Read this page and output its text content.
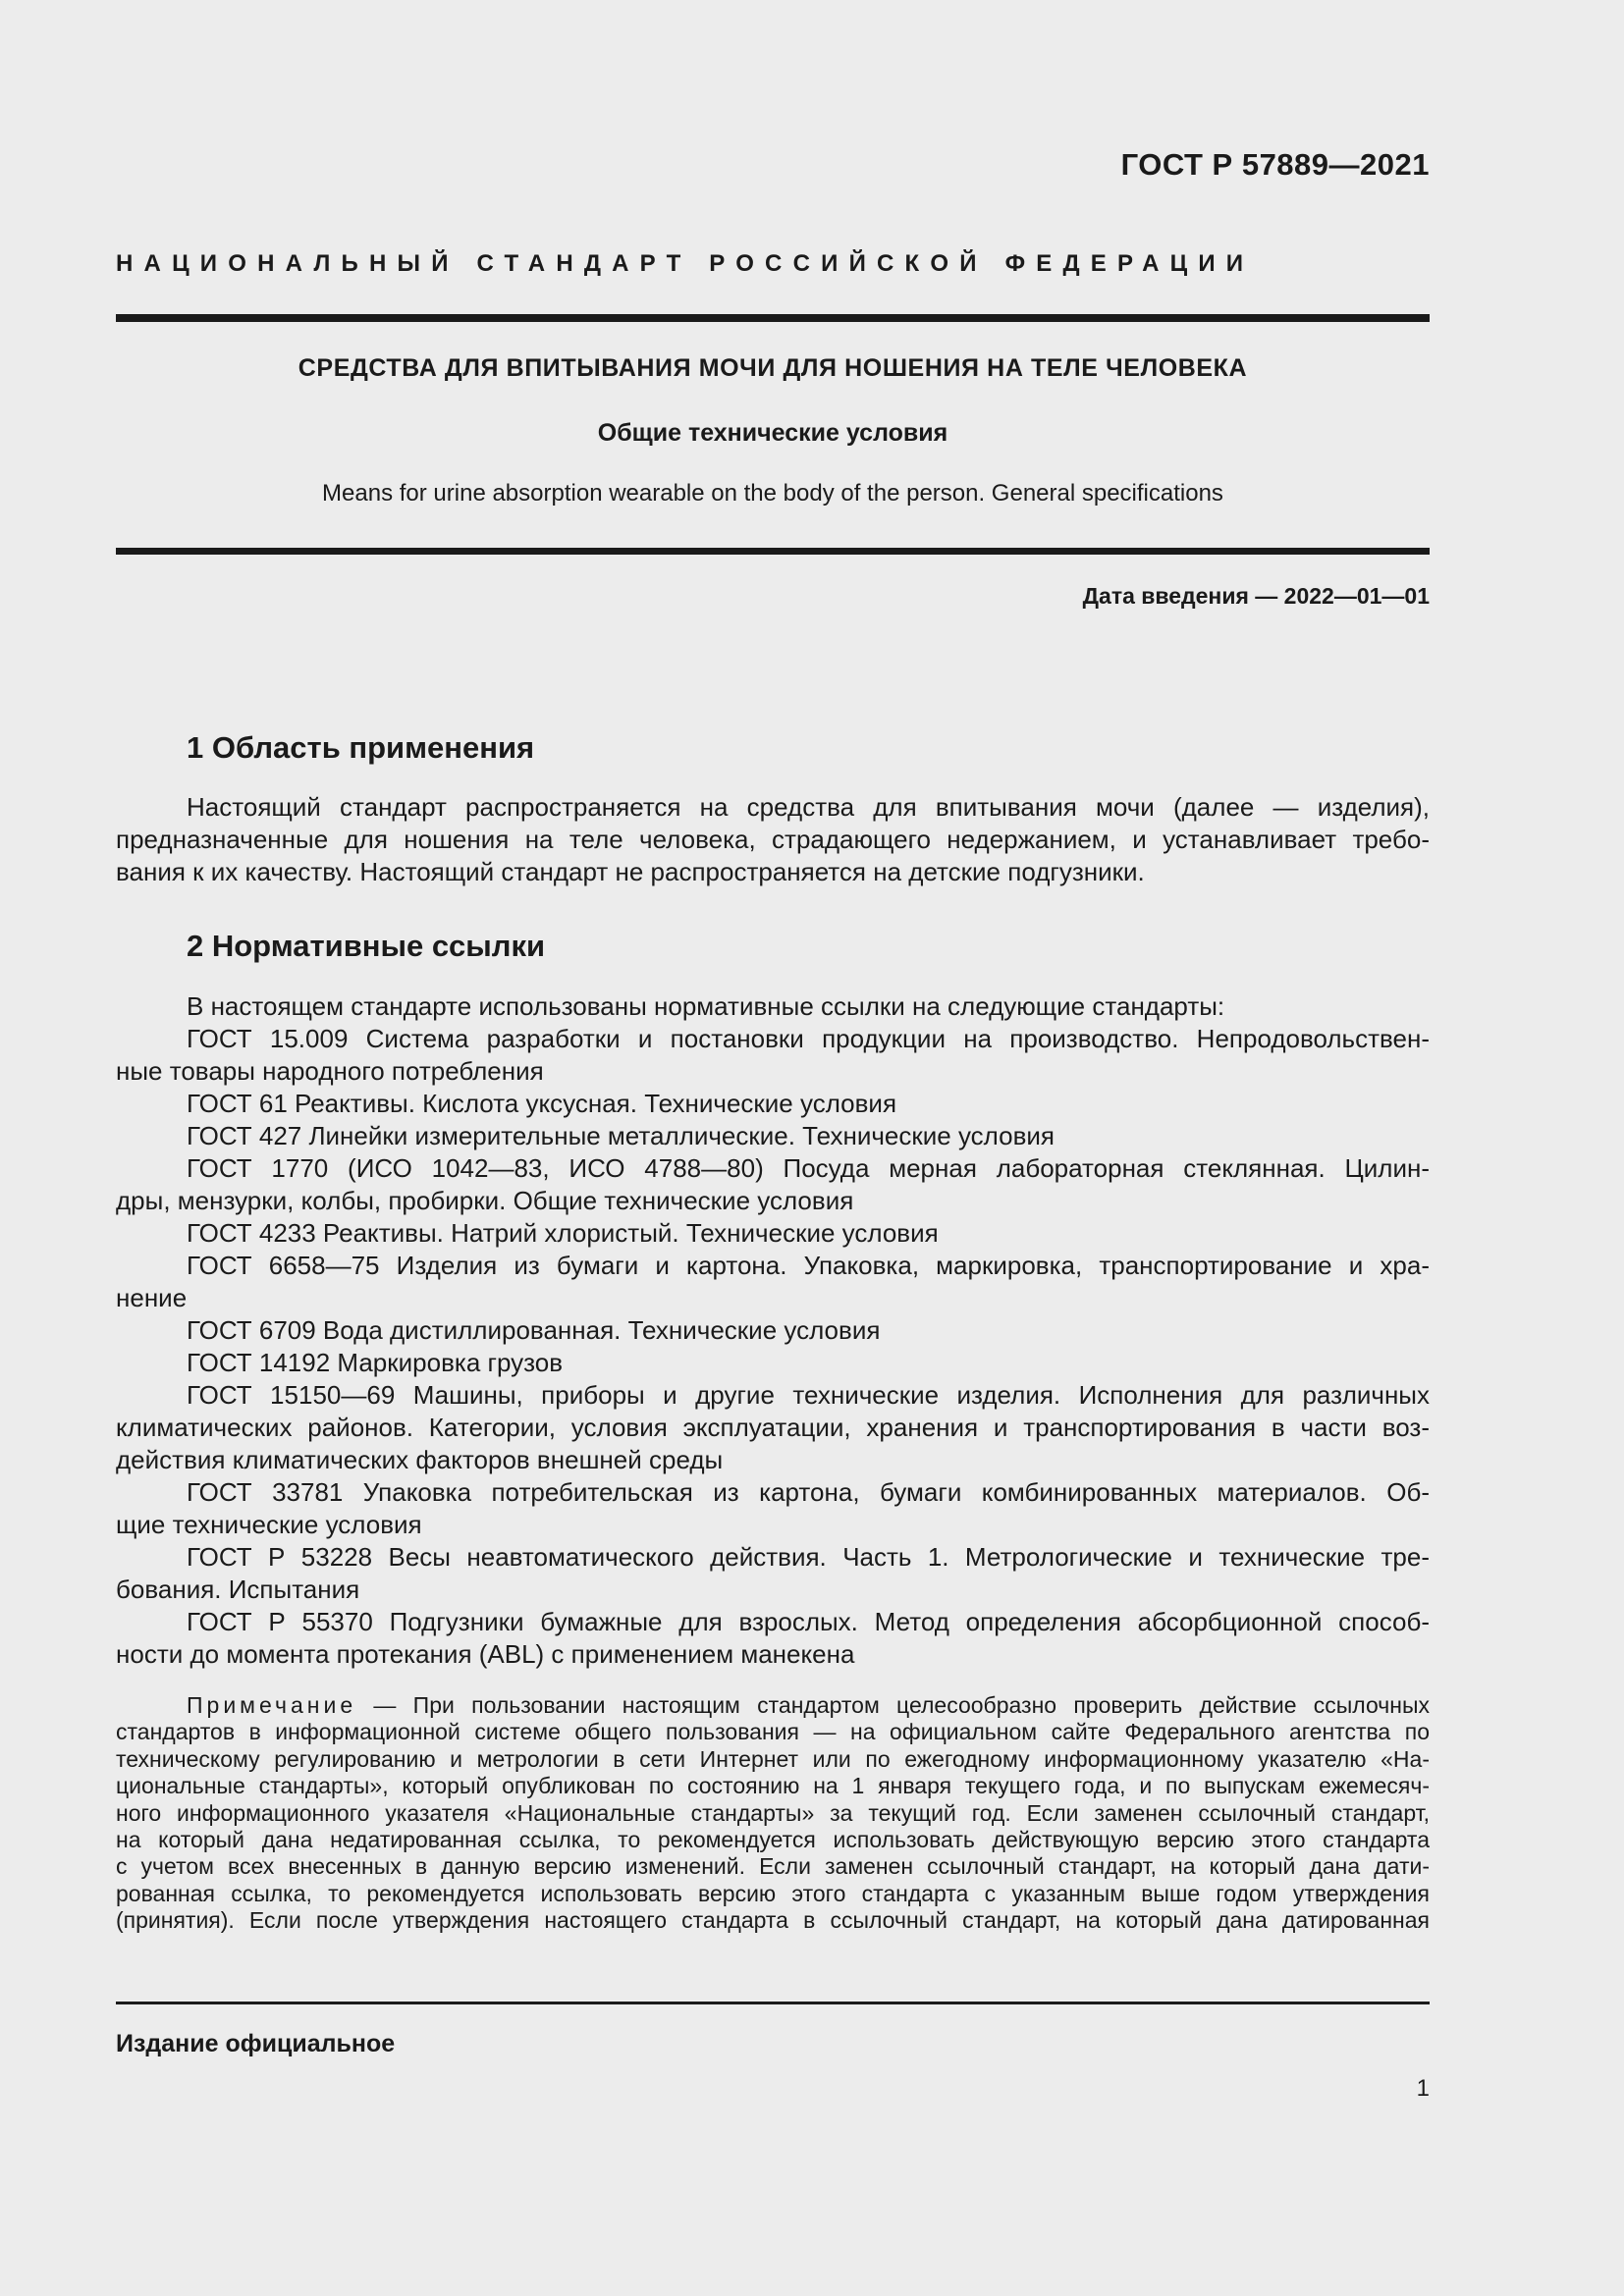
ГОСТ Р 57889—2021
НАЦИОНАЛЬНЫЙ СТАНДАРТ РОССИЙСКОЙ ФЕДЕРАЦИИ
СРЕДСТВА ДЛЯ ВПИТЫВАНИЯ МОЧИ ДЛЯ НОШЕНИЯ НА ТЕЛЕ ЧЕЛОВЕКА
Общие технические условия
Means for urine absorption wearable on the body of the person. General specifications
Дата введения — 2022—01—01
1 Область применения
Настоящий стандарт распространяется на средства для впитывания мочи (далее — изделия),
предназначенные для ношения на теле человека, страдающего недержанием, и устанавливает требо-
вания к их качеству. Настоящий стандарт не распространяется на детские подгузники.
2 Нормативные ссылки
В настоящем стандарте использованы нормативные ссылки на следующие стандарты:
ГОСТ 15.009 Система разработки и постановки продукции на производство. Непродовольствен-
ные товары народного потребления
ГОСТ 61 Реактивы. Кислота уксусная. Технические условия
ГОСТ 427 Линейки измерительные металлические. Технические условия
ГОСТ 1770 (ИСО 1042—83, ИСО 4788—80) Посуда мерная лабораторная стеклянная. Цилин-
дры, мензурки, колбы, пробирки. Общие технические условия
ГОСТ 4233 Реактивы. Натрий хлористый. Технические условия
ГОСТ 6658—75 Изделия из бумаги и картона. Упаковка, маркировка, транспортирование и хра-
нение
ГОСТ 6709 Вода дистиллированная. Технические условия
ГОСТ 14192 Маркировка грузов
ГОСТ 15150—69 Машины, приборы и другие технические изделия. Исполнения для различных
климатических районов. Категории, условия эксплуатации, хранения и транспортирования в части воз-
действия климатических факторов внешней среды
ГОСТ 33781 Упаковка потребительская из картона, бумаги комбинированных материалов. Об-
щие технические условия
ГОСТ Р 53228 Весы неавтоматического действия. Часть 1. Метрологические и технические тре-
бования. Испытания
ГОСТ Р 55370 Подгузники бумажные для взрослых. Метод определения абсорбционной способ-
ности до момента протекания (ABL) с применением манекена
Примечание — При пользовании настоящим стандартом целесообразно проверить действие ссылочных
стандартов в информационной системе общего пользования — на официальном сайте Федерального агентства по
техническому регулированию и метрологии в сети Интернет или по ежегодному информационному указателю «На-
циональные стандарты», который опубликован по состоянию на 1 января текущего года, и по выпускам ежемесяч-
ного информационного указателя «Национальные стандарты» за текущий год. Если заменен ссылочный стандарт,
на который дана недатированная ссылка, то рекомендуется использовать действующую версию этого стандарта
с учетом всех внесенных в данную версию изменений. Если заменен ссылочный стандарт, на который дана дати-
рованная ссылка, то рекомендуется использовать версию этого стандарта с указанным выше годом утверждения
(принятия). Если после утверждения настоящего стандарта в ссылочный стандарт, на который дана датированная
Издание официальное
1
